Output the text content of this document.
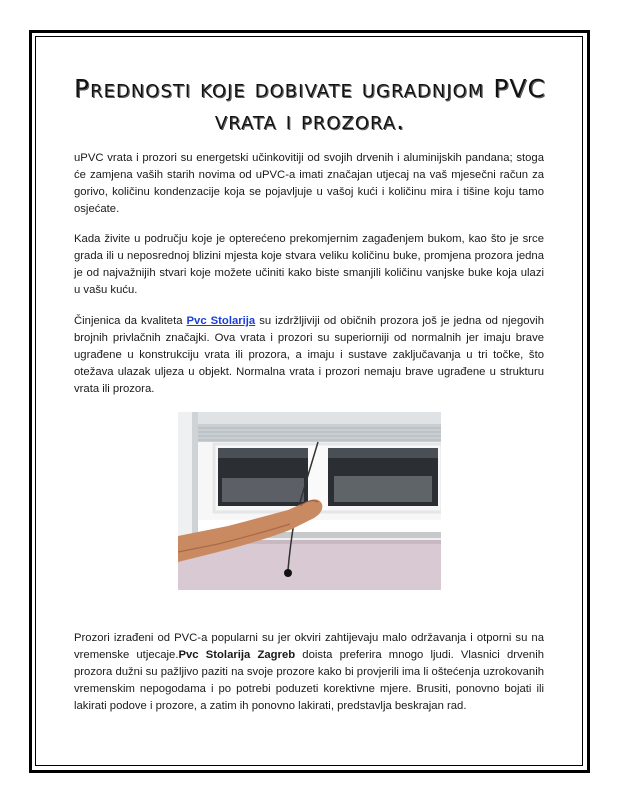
Prednosti koje dobivate ugradnjom PVC vrata i prozora.

uPVC vrata i prozori su energetski učinkovitiji od svojih drvenih i aluminijskih pandana; stoga će zamjena vaših starih novima od uPVC-a imati značajan utjecaj na vaš mjesečni račun za gorivo, količinu kondenzacije koja se pojavljuje u vašoj kući i količinu mira i tišine koju tamo osjećate.

Kada živite u području koje je opterećeno prekomjernim zagađenjem bukom, kao što je srce grada ili u neposrednoj blizini mjesta koje stvara veliku količinu buke, promjena prozora jedna je od najvažnijih stvari koje možete učiniti kako biste smanjili količinu vanjske buke koja ulazi u vašu kuću.

Činjenica da kvaliteta Pvc Stolarija su izdržljiviji od običnih prozora još je jedna od njegovih brojnih privlačnih značajki. Ova vrata i prozori su superiorniji od normalnih jer imaju brave ugrađene u konstrukciju vrata ili prozora, a imaju i sustave zaključavanja u tri točke, što otežava ulazak uljeza u objekt. Normalna vrata i prozori nemaju brave ugrađene u strukturu vrata ili prozora.

Prozori izrađeni od PVC-a popularni su jer okviri zahtijevaju malo održavanja i otporni su na vremenske utjecaje.Pvc Stolarija Zagreb doista preferira mnogo ljudi. Vlasnici drvenih prozora dužni su pažljivo paziti na svoje prozore kako bi provjerili ima li oštećenja uzrokovanih vremenskim nepogodama i po potrebi poduzeti korektivne mjere. Brusiti, ponovno bojati ili lakirati podove i prozore, a zatim ih ponovno lakirati, predstavlja beskrajan rad.
